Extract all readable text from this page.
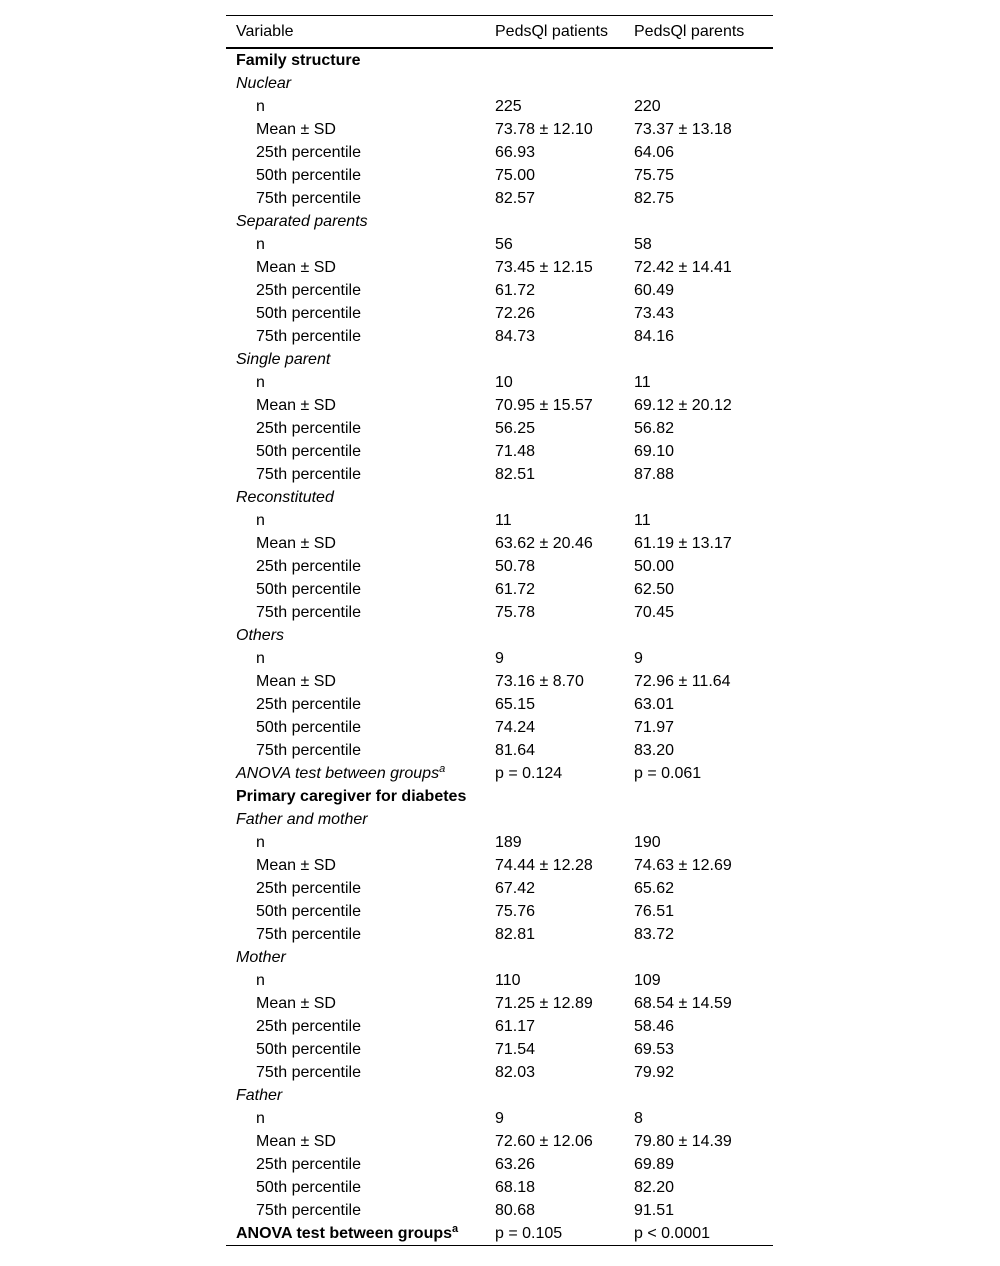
Variable	PedsQl patients	PedsQl parents
Family structure
Nuclear
n	225	220
Mean ± SD	73.78 ± 12.10	73.37 ± 13.18
25th percentile	66.93	64.06
50th percentile	75.00	75.75
75th percentile	82.57	82.75
Separated parents
n	56	58
Mean ± SD	73.45 ± 12.15	72.42 ± 14.41
25th percentile	61.72	60.49
50th percentile	72.26	73.43
75th percentile	84.73	84.16
Single parent
n	10	11
Mean ± SD	70.95 ± 15.57	69.12 ± 20.12
25th percentile	56.25	56.82
50th percentile	71.48	69.10
75th percentile	82.51	87.88
Reconstituted
n	11	11
Mean ± SD	63.62 ± 20.46	61.19 ± 13.17
25th percentile	50.78	50.00
50th percentile	61.72	62.50
75th percentile	75.78	70.45
Others
n	9	9
Mean ± SD	73.16 ± 8.70	72.96 ± 11.64
25th percentile	65.15	63.01
50th percentile	74.24	71.97
75th percentile	81.64	83.20
ANOVA test between groups$^a$	p = 0.124	p = 0.061
Primary caregiver for diabetes
Father and mother
n	189	190
Mean ± SD	74.44 ± 12.28	74.63 ± 12.69
25th percentile	67.42	65.62
50th percentile	75.76	76.51
75th percentile	82.81	83.72
Mother
n	110	109
Mean ± SD	71.25 ± 12.89	68.54 ± 14.59
25th percentile	61.17	58.46
50th percentile	71.54	69.53
75th percentile	82.03	79.92
Father
n	9	8
Mean ± SD	72.60 ± 12.06	79.80 ± 14.39
25th percentile	63.26	69.89
50th percentile	68.18	82.20
75th percentile	80.68	91.51
ANOVA test between groups$^a$	p = 0.105	p < 0.0001
